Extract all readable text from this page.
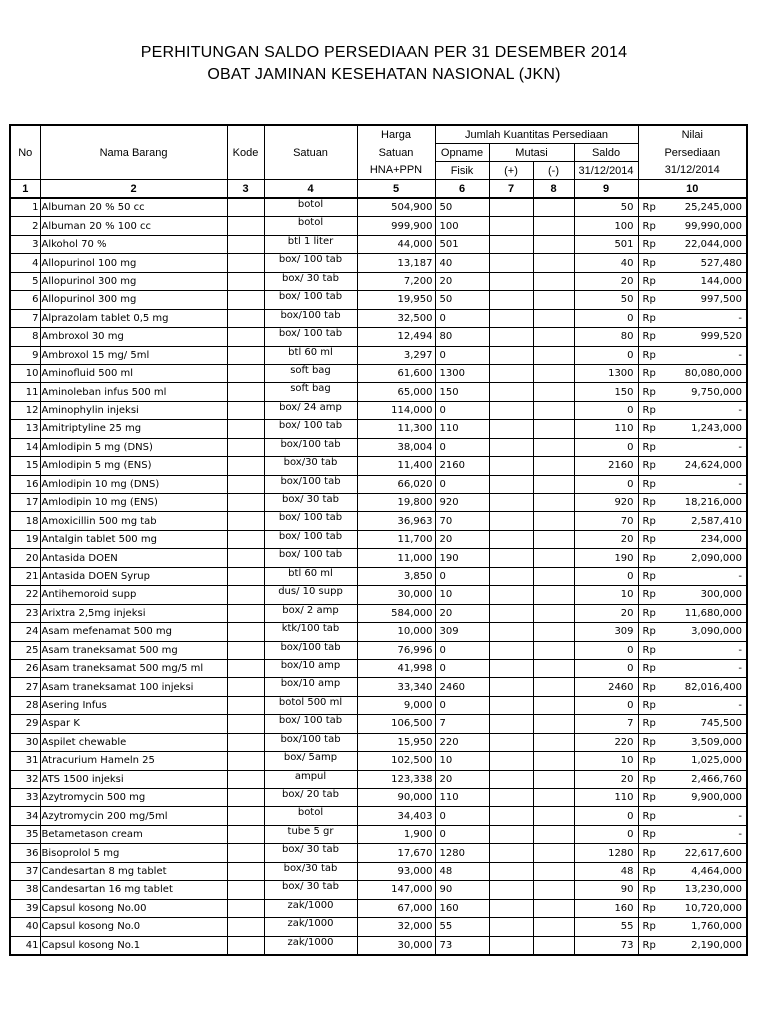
PERHITUNGAN SALDO PERSEDIAAN PER 31 DESEMBER 2014
OBAT JAMINAN KESEHATAN NASIONAL (JKN)
No	Nama Barang	Kode	Satuan	Harga	Jumlah Kuantitas Persediaan				Nilai	
				Satuan	Opname	Mutasi		Saldo	Persediaan	
				HNA+PPN	Fisik	(+)	(-)	31/12/2014	31/12/2014	
1	2	3	4	5	6	7	8	9	10	
1	Albuman 20 % 50 cc		botol	504,900	50			50	Rp	25,245,000
2	Albuman 20 % 100 cc		botol	999,900	100			100	Rp	99,990,000
3	Alkohol 70 %		btl 1 liter	44,000	501			501	Rp	22,044,000
4	Allopurinol 100 mg		box/ 100 tab	13,187	40			40	Rp	527,480
5	Allopurinol 300 mg		box/ 30 tab	7,200	20			20	Rp	144,000
6	Allopurinol 300 mg		box/ 100 tab	19,950	50			50	Rp	997,500
7	Alprazolam tablet 0,5 mg		box/100 tab	32,500	0			0	Rp	-
8	Ambroxol 30 mg		box/ 100 tab	12,494	80			80	Rp	999,520
9	Ambroxol 15 mg/ 5ml		btl 60 ml	3,297	0			0	Rp	-
10	Aminofluid 500 ml		soft bag	61,600	1300			1300	Rp	80,080,000
11	Aminoleban infus 500 ml		soft bag	65,000	150			150	Rp	9,750,000
12	Aminophylin injeksi		box/ 24 amp	114,000	0			0	Rp	-
13	Amitriptyline 25 mg		box/ 100 tab	11,300	110			110	Rp	1,243,000
14	Amlodipin 5 mg (DNS)		box/100 tab	38,004	0			0	Rp	-
15	Amlodipin 5 mg (ENS)		box/30 tab	11,400	2160			2160	Rp	24,624,000
16	Amlodipin 10 mg (DNS)		box/100 tab	66,020	0			0	Rp	-
17	Amlodipin 10 mg (ENS)		box/ 30 tab	19,800	920			920	Rp	18,216,000
18	Amoxicillin 500 mg tab		box/ 100 tab	36,963	70			70	Rp	2,587,410
19	Antalgin tablet 500 mg		box/ 100 tab	11,700	20			20	Rp	234,000
20	Antasida DOEN		box/ 100 tab	11,000	190			190	Rp	2,090,000
21	Antasida DOEN Syrup		btl 60 ml	3,850	0			0	Rp	-
22	Antihemoroid supp		dus/ 10 supp	30,000	10			10	Rp	300,000
23	Arixtra 2,5mg injeksi		box/ 2 amp	584,000	20			20	Rp	11,680,000
24	Asam mefenamat 500 mg		ktk/100 tab	10,000	309			309	Rp	3,090,000
25	Asam traneksamat 500 mg		box/100 tab	76,996	0			0	Rp	-
26	Asam traneksamat 500 mg/5 ml		box/10 amp	41,998	0			0	Rp	-
27	Asam traneksamat 100 injeksi		box/10 amp	33,340	2460			2460	Rp	82,016,400
28	Asering Infus		botol 500 ml	9,000	0			0	Rp	-
29	Aspar K		box/ 100 tab	106,500	7			7	Rp	745,500
30	Aspilet chewable		box/100 tab	15,950	220			220	Rp	3,509,000
31	Atracurium Hameln 25		box/ 5amp	102,500	10			10	Rp	1,025,000
32	ATS 1500 injeksi		ampul	123,338	20			20	Rp	2,466,760
33	Azytromycin 500 mg		box/ 20 tab	90,000	110			110	Rp	9,900,000
34	Azytromycin 200 mg/5ml		botol	34,403	0			0	Rp	-
35	Betametason cream		tube 5 gr	1,900	0			0	Rp	-
36	Bisoprolol 5 mg		box/ 30 tab	17,670	1280			1280	Rp	22,617,600
37	Candesartan 8 mg tablet		box/30 tab	93,000	48			48	Rp	4,464,000
38	Candesartan 16 mg tablet		box/ 30 tab	147,000	90			90	Rp	13,230,000
39	Capsul kosong No.00		zak/1000	67,000	160			160	Rp	10,720,000
40	Capsul kosong No.0		zak/1000	32,000	55			55	Rp	1,760,000
41	Capsul kosong No.1		zak/1000	30,000	73			73	Rp	2,190,000
